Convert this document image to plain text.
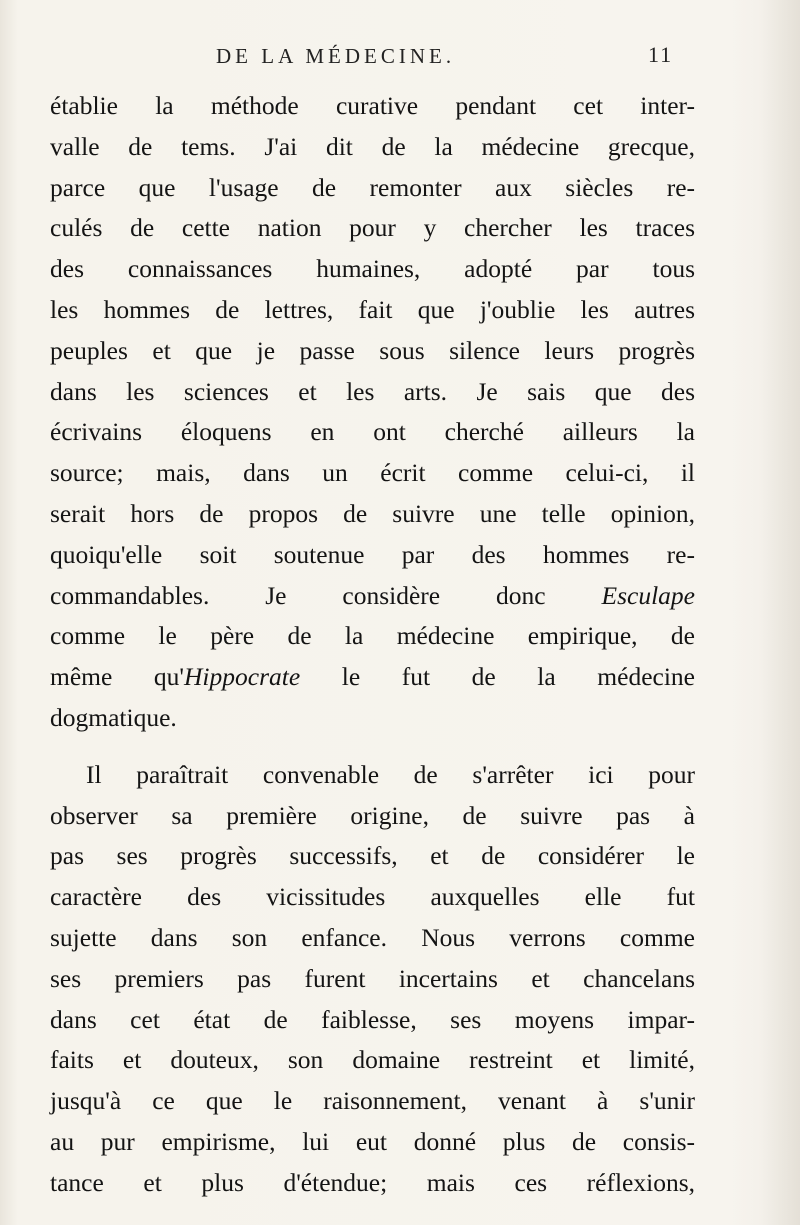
DE LA MÉDECINE.	11
établie la méthode curative pendant cet inter-
valle de tems. J'ai dit de la médecine grecque,
parce que l'usage de remonter aux siècles re-
culés de cette nation pour y chercher les traces
des connaissances humaines, adopté par tous
les hommes de lettres, fait que j'oublie les autres
peuples et que je passe sous silence leurs progrès
dans les sciences et les arts. Je sais que des
écrivains éloquens en ont cherché ailleurs la
source; mais, dans un écrit comme celui-ci, il
serait hors de propos de suivre une telle opinion,
quoiqu'elle soit soutenue par des hommes re-
commandables. Je considère donc Esculape
comme le père de la médecine empirique, de
même qu'Hippocrate le fut de la médecine
dogmatique.
Il paraîtrait convenable de s'arrêter ici pour
observer sa première origine, de suivre pas à
pas ses progrès successifs, et de considérer le
caractère des vicissitudes auxquelles elle fut
sujette dans son enfance. Nous verrons comme
ses premiers pas furent incertains et chancelans
dans cet état de faiblesse, ses moyens impar-
faits et douteux, son domaine restreint et limité,
jusqu'à ce que le raisonnement, venant à s'unir
au pur empirisme, lui eut donné plus de consis-
tance et plus d'étendue; mais ces réflexions,
